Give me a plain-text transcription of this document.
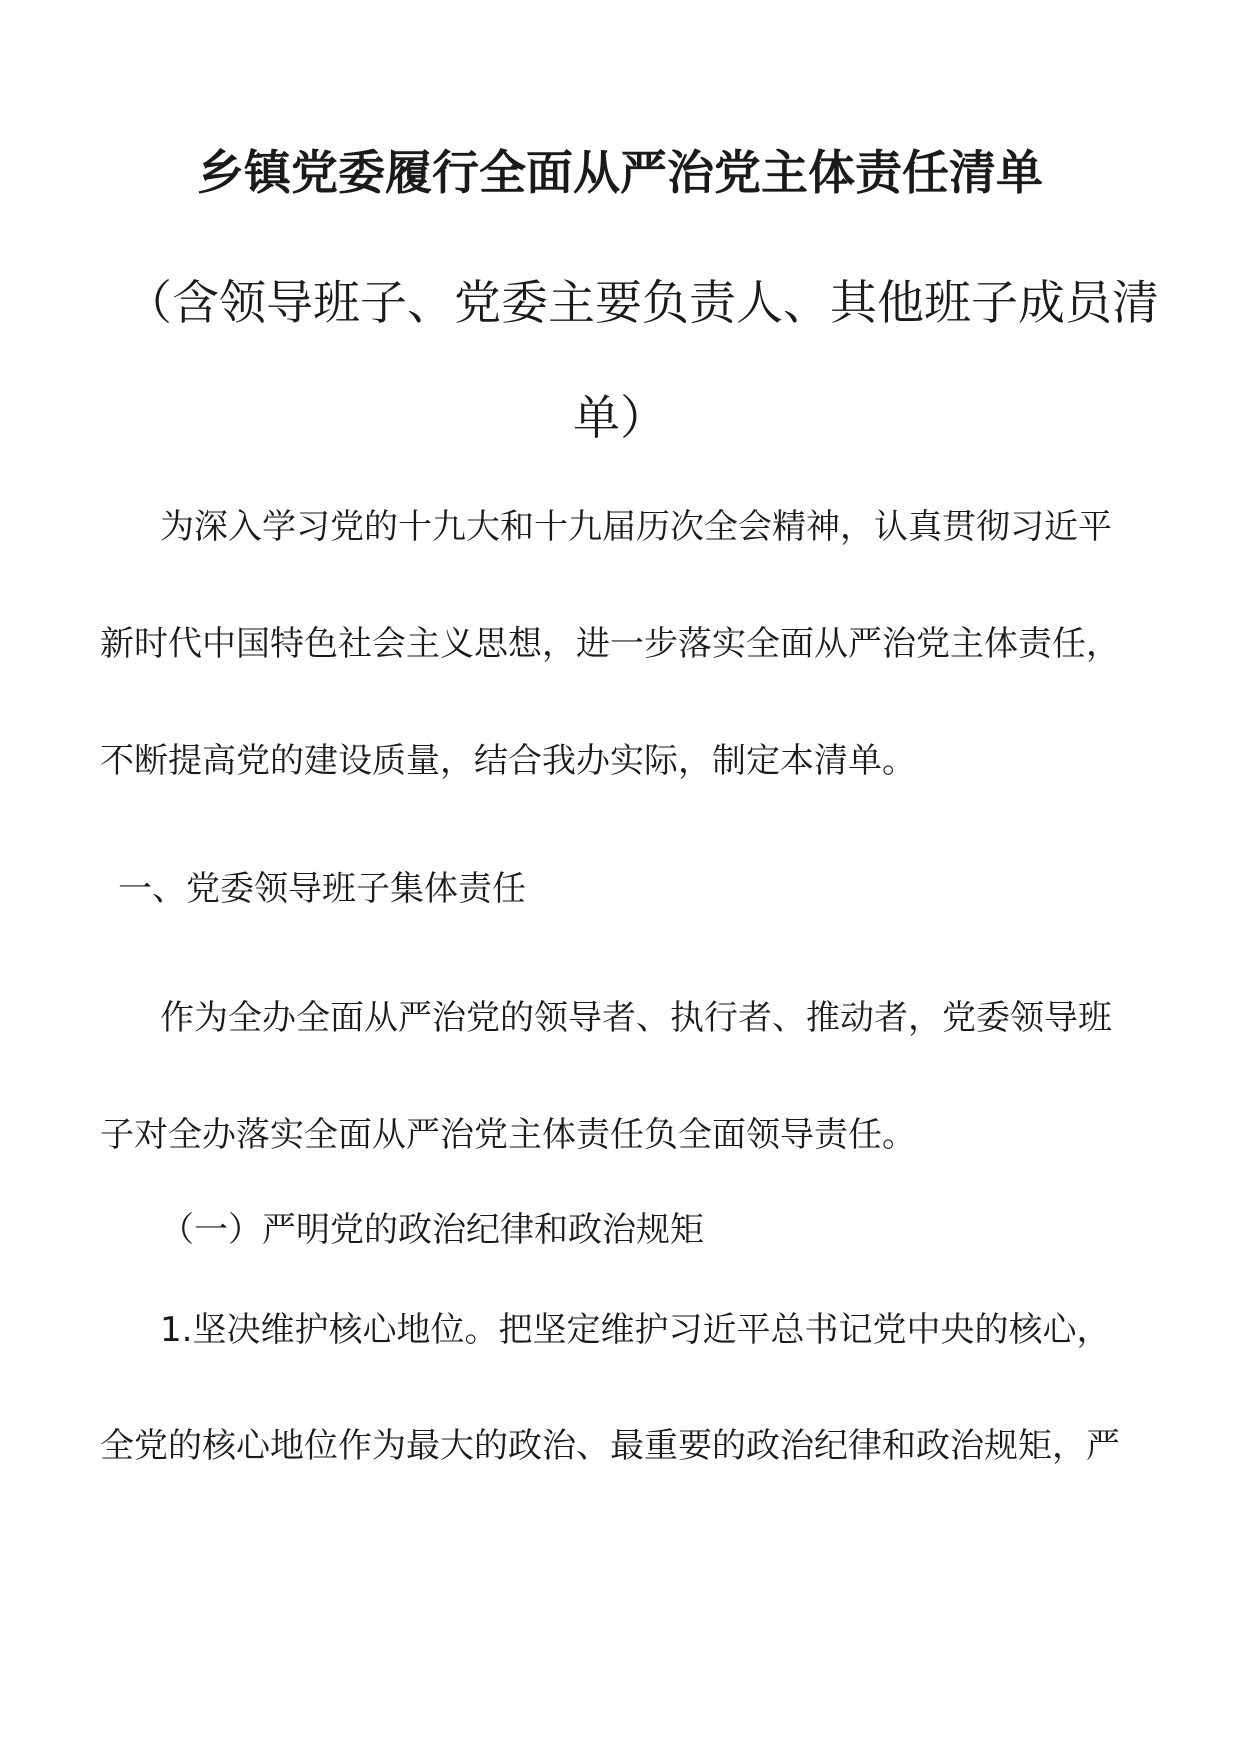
乡镇党委履行全面从严治党主体责任清单
（含领导班子、党委主要负责人、其他班子成员清
单）

为深入学习党的十九大和十九届历次全会精神，认真贯彻习近平

新时代中国特色社会主义思想，进一步落实全面从严治党主体责任，

不断提高党的建设质量，结合我办实际，制定本清单。

一、党委领导班子集体责任

作为全办全面从严治党的领导者、执行者、推动者，党委领导班

子对全办落实全面从严治党主体责任负全面领导责任。

（一）严明党的政治纪律和政治规矩

1.坚决维护核心地位。把坚定维护习近平总书记党中央的核心，

全党的核心地位作为最大的政治、最重要的政治纪律和政治规矩，严
